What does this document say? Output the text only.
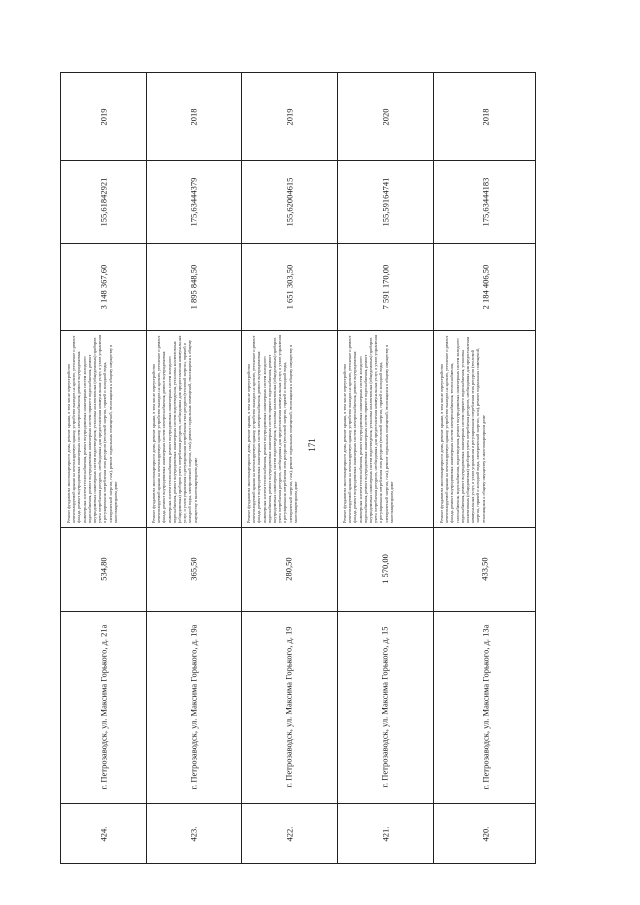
171
2018
175,63444183
2 184 406,50
Ремонт фундамента многоквартирного дома, ремонт крыши, в том числе переустройство невентилируемой крыши на вентилируемую крышу, устройство выходов на кровлю, утепление и ремонт фасада, ремонт внутридомовых инженерных систем электроснабжения, теплоснабжения, газоснабжения, водоснабжения, водоотведения, ремонт внутридомовых инженерных систем холодного водоснабжения, ремонт внутридомовых инженерных систем горячего водоснабжения, установка коллективных (общедомовых) приборов учета потребления ресурсов, необходимых для предоставления коммунальных услуг, и узлов управления и регулирования потребления этих ресурсов (тепловой энергии, горячей и холодной воды, электрической энергии, газа), ремонт подвальных помещений, относящихся к общему имуществу в многоквартирном доме
433,50
г. Петрозаводск, ул. Максима Горького, д. 13а
420.
2020
155,59164741
7 591 170,00
Ремонт фундамента многоквартирного дома, ремонт крыши, в том числе переустройство невентилируемой крыши на вентилируемую крышу, устройство выходов на кровлю, утепление и ремонт фасада, ремонт внутридомовых инженерных систем электроснабжения, ремонт внутридомовых инженерных систем теплоснабжения, ремонт внутридомовых инженерных систем холодного водоснабжения, ремонт внутридомовых инженерных систем горячего водоснабжения, ремонт внутридомовых инженерных систем водоотведения, установка коллективных (общедомовых) приборов учета потребления ресурсов, необходимых для предоставления коммунальных услуг, и узлов управления и регулирования потребления этих ресурсов (тепловой энергии, горячей и холодной воды, электрической энергии, газа), ремонт подвальных помещений, относящихся к общему имуществу в многоквартирном доме
1 570,00
г. Петрозаводск, ул. Максима Горького, д. 15
421.
2019
155,62004615
1 651 303,50
Ремонт фундамента многоквартирного дома, ремонт крыши, в том числе переустройство невентилируемой крыши на вентилируемую крышу, устройство выходов на кровлю, утепление и ремонт фасада, ремонт внутридомовых инженерных систем электроснабжения, ремонт внутридомовых инженерных систем теплоснабжения, ремонт внутридомовых инженерных систем холодного водоснабжения, ремонт внутридомовых инженерных систем горячего водоснабжения, ремонт внутридомовых инженерных систем водоотведения, установка коллективных (общедомовых) приборов учета потребления ресурсов, необходимых для предоставления коммунальных услуг, и узлов управления и регулирования потребления этих ресурсов (тепловой энергии, горячей и холодной воды, электрической энергии, газа), ремонт подвальных помещений, относящихся к общему имуществу в многоквартирном доме
280,50
г. Петрозаводск, ул. Максима Горького, д. 19
422.
2018
175,63444379
1 895 848,50
Ремонт фундамента многоквартирного дома, ремонт крыши, в том числе переустройство невентилируемой крыши на вентилируемую крышу, устройство выходов на кровлю, утепление и ремонт фасада, ремонт внутридомовых инженерных систем электроснабжения, ремонт внутридомовых инженерных систем теплоснабжения, ремонт внутридомовых инженерных систем холодного водоснабжения, ремонт внутридомовых инженерных систем водоотведения, установка коллективных (общедомовых) приборов учета потребления ресурсов, необходимых для предоставления коммунальных услуг, и узлов управления и регулирования потребления этих ресурсов (тепловой энергии, горячей и холодной воды, электрической энергии, газа), ремонт подвальных помещений, относящихся к общему имуществу в многоквартирном доме
365,50
г. Петрозаводск, ул. Максима Горького, д. 19а
423.
2019
155,61842921
3 148 367,60
Ремонт фундамента многоквартирного дома, ремонт крыши, в том числе переустройство невентилируемой крыши на вентилируемую крышу, устройство выходов на кровлю, утепление и ремонт фасада, ремонт внутридомовых инженерных систем электроснабжения, ремонт внутридомовых инженерных систем теплоснабжения, ремонт внутридомовых инженерных систем холодного водоснабжения, ремонт внутридомовых инженерных систем горячего водоснабжения, ремонт внутридомовых инженерных систем водоотведения, установка коллективных (общедомовых) приборов учета потребления ресурсов, необходимых для предоставления коммунальных услуг, и узлов управления и регулирования потребления этих ресурсов (тепловой энергии, горячей и холодной воды, электрической энергии, газа), ремонт подвальных помещений, относящихся к общему имуществу в многоквартирном доме
534,80
г. Петрозаводск, ул. Максима Горького, д. 21а
424.
